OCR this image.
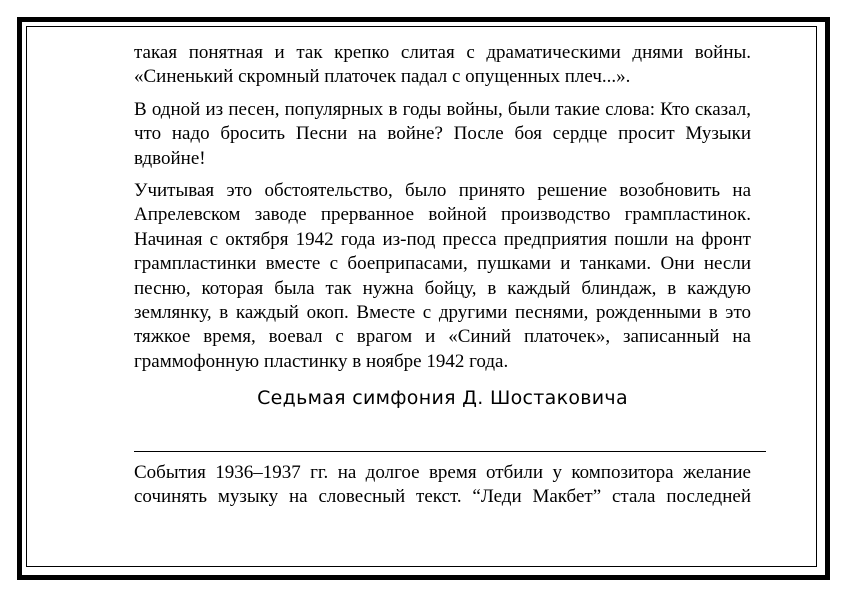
такая понятная и так крепко слитая с драматическими днями войны. «Синенький скромный платочек падал с опущенных плеч...».

В одной из песен, популярных в годы войны, были такие слова: Кто сказал, что надо бросить Песни на войне? После боя сердце просит Музыки вдвойне!

Учитывая это обстоятельство, было принято решение возобновить на Апрелевском заводе прерванное войной производство грампластинок. Начиная с октября 1942 года из-под пресса предприятия пошли на фронт грампластинки вместе с боеприпасами, пушками и танками. Они несли песню, которая была так нужна бойцу, в каждый блиндаж, в каждую землянку, в каждый окоп. Вместе с другими песнями, рожденными в это тяжкое время, воевал с врагом и «Синий платочек», записанный на граммофонную пластинку в ноябре 1942 года.

Седьмая симфония Д. Шостаковича

События 1936–1937 гг. на долгое время отбили у композитора желание сочинять музыку на словесный текст. “Леди Макбет” стала последней
